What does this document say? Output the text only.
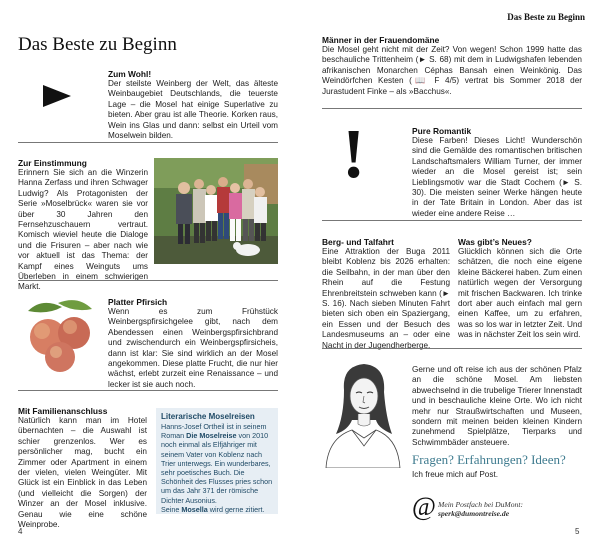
Das Beste zu Beginn
Das Beste zu Beginn
Zum Wohl!
Der steilste Weinberg der Welt, das älteste Weinbaugebiet Deutschlands, die teuerste Lage – die Mosel hat einige Superlative zu bieten. Aber grau ist alle Theorie. Korken raus, Wein ins Glas und dann: selbst ein Urteil vom Moselwein bilden.
Zur Einstimmung
Erinnern Sie sich an die Winzerin Hanna Zerfass und ihren Schwager Ludwig? Als Protagonisten der Serie »Moselbrück« waren sie vor über 30 Jahren den Fernsehzuschauern vertraut. Komisch wieviel heute die Dialoge und die Frisuren – aber nach wie vor aktuell ist das Thema: der Kampf eines Weinguts ums Überleben in einem schwierigen Markt.
Platter Pfirsich
Wenn es zum Frühstück Weinbergspfirsichgelee gibt, nach dem Abendessen einen Weinbergspfirsichbrand und zwischendurch ein Weinbergspfirsicheis, dann ist klar: Sie sind wirklich an der Mosel angekommen. Diese platte Frucht, die nur hier wächst, erlebt zurzeit eine Renaissance – und lecker ist sie auch noch.
Mit Familienanschluss
Natürlich kann man im Hotel übernachten – die Auswahl ist schier grenzenlos. Wer es persönlicher mag, bucht ein Zimmer oder Apartment in einem der vielen, vielen Weingüter. Mit Glück ist ein Einblick in das Leben (und vielleicht die Sorgen) der Winzer an der Mosel inklusive. Genau wie eine schöne Weinprobe.
Literarische Moselreisen
Hanns-Josef Ortheil ist in seinem
Roman Die Moselreise von 2010
noch einmal als Elfjähriger mit seinem Vater von Koblenz nach Trier unterwegs. Ein wunderbares, sehr poetisches Buch. Die Schönheit des Flusses pries schon um das Jahr 371 der römische Dichter Ausonius.
Seine Mosella wird gerne zitiert.
4
Männer in der Frauendomäne
Die Mosel geht nicht mit der Zeit? Von wegen! Schon 1999 hatte das beschauliche Trittenheim (► S. 68) mit dem in Ludwigshafen lebenden afrikanischen Monarchen Céphas Bansah einen Weinkönig. Das Weindörfchen Kesten (📖 F 4/5) vertrat bis Sommer 2018 der Jurastudent Finke – als »Bacchus«.
!	Pure Romantik
Diese Farben! Dieses Licht! Wunderschön sind die Gemälde des romantischen britischen Landschaftsmalers William Turner, der immer wieder an die Mosel gereist ist; sein Lieblingsmotiv war die Stadt Cochem (► S. 30). Die meisten seiner Werke hängen heute in der Tate Britain in London. Aber das ist wieder eine andere Reise …
Berg- und Talfahrt
Eine Attraktion der Buga 2011 bleibt Koblenz bis 2026 erhalten: die Seilbahn, in der man über den Rhein auf die Festung Ehrenbreitstein schweben kann (► S. 16). Nach sieben Minuten Fahrt bieten sich oben ein Spaziergang, ein Essen und der Besuch des Landesmuseums an – oder eine Nacht in der Jugendherberge.
Was gibt’s Neues?
Glücklich können sich die Orte schätzen, die noch eine eigene kleine Bäckerei haben. Zum einen natürlich wegen der Versorgung mit frischen Backwaren. Ich trinke dort aber auch einfach mal gern einen Kaffee, um zu erfahren, was so los war in letzter Zeit. Und was in nächster Zeit los sein wird.
Gerne und oft reise ich aus der schönen Pfalz an die schöne Mosel. Am liebsten abwechselnd in die trubelige Trierer Innenstadt und in beschauliche kleine Orte. Wo ich nicht mehr nur Straußwirtschaften und Museen, sondern mit meinen beiden kleinen Kindern zunehmend Spielplätze, Tierparks und Schwimmbäder ansteuere.
Fragen? Erfahrungen? Ideen?
Ich freue mich auf Post.
@ Mein Postfach bei DuMont:
sperk@dumontreise.de
5
